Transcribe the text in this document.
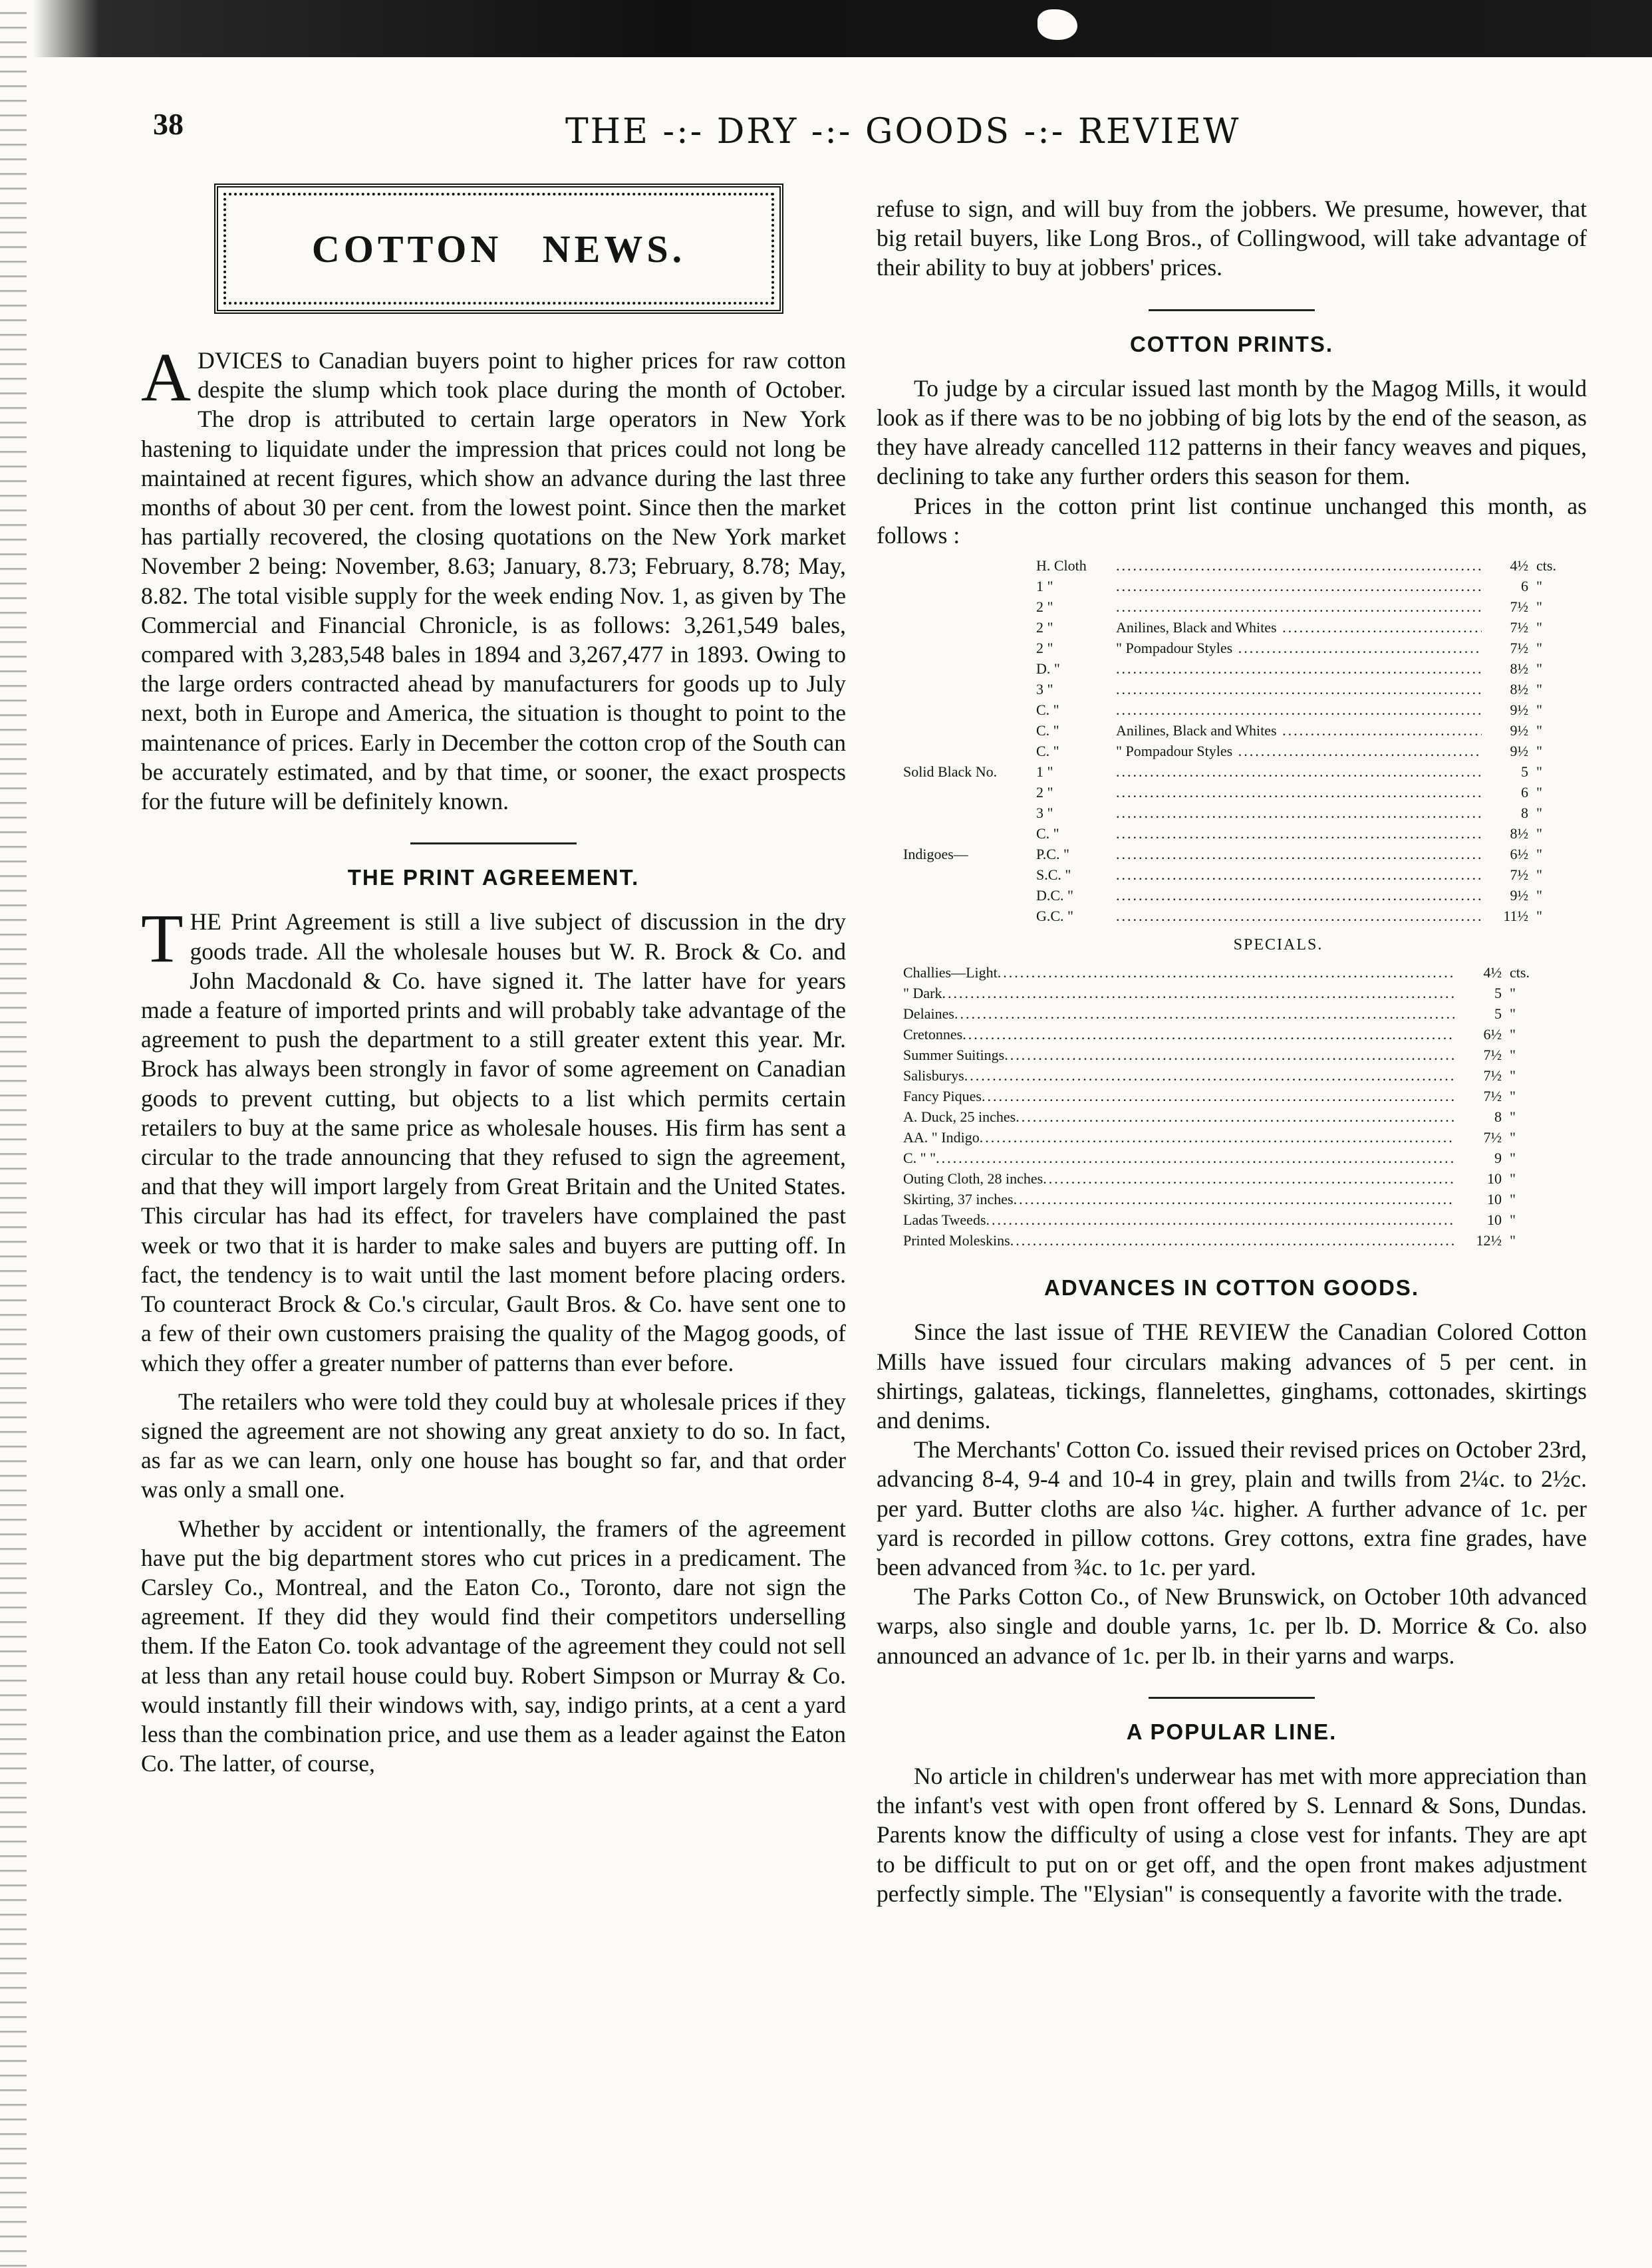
38	THE -:- DRY -:- GOODS -:- REVIEW
COTTON NEWS.

ADVICES to Canadian buyers point to higher prices for raw cotton despite the slump which took place during the month of October. The drop is attributed to certain large operators in New York hastening to liquidate under the impression that prices could not long be maintained at recent figures, which show an advance during the last three months of about 30 per cent. from the lowest point. Since then the market has partially recovered, the closing quotations on the New York market November 2 being: November, 8.63; January, 8.73; February, 8.78; May, 8.82. The total visible supply for the week ending Nov. 1, as given by The Commercial and Financial Chronicle, is as follows: 3,261,549 bales, compared with 3,283,548 bales in 1894 and 3,267,477 in 1893. Owing to the large orders contracted ahead by manufacturers for goods up to July next, both in Europe and America, the situation is thought to point to the maintenance of prices. Early in December the cotton crop of the South can be accurately estimated, and by that time, or sooner, the exact prospects for the future will be definitely known.

THE PRINT AGREEMENT.

THE Print Agreement is still a live subject of discussion in the dry goods trade. All the wholesale houses but W. R. Brock & Co. and John Macdonald & Co. have signed it. The latter have for years made a feature of imported prints and will probably take advantage of the agreement to push the department to a still greater extent this year. Mr. Brock has always been strongly in favor of some agreement on Canadian goods to prevent cutting, but objects to a list which permits certain retailers to buy at the same price as wholesale houses. His firm has sent a circular to the trade announcing that they refused to sign the agreement, and that they will import largely from Great Britain and the United States. This circular has had its effect, for travelers have complained the past week or two that it is harder to make sales and buyers are putting off. In fact, the tendency is to wait until the last moment before placing orders. To counteract Brock & Co.'s circular, Gault Bros. & Co. have sent one to a few of their own customers praising the quality of the Magog goods, of which they offer a greater number of patterns than ever before.

The retailers who were told they could buy at wholesale prices if they signed the agreement are not showing any great anxiety to do so. In fact, as far as we can learn, only one house has bought so far, and that order was only a small one.

Whether by accident or intentionally, the framers of the agreement have put the big department stores who cut prices in a predicament. The Carsley Co., Montreal, and the Eaton Co., Toronto, dare not sign the agreement. If they did they would find their competitors underselling them. If the Eaton Co. took advantage of the agreement they could not sell at less than any retail house could buy. Robert Simpson or Murray & Co. would instantly fill their windows with, say, indigo prints, at a cent a yard less than the combination price, and use them as a leader against the Eaton Co. The latter, of course,

refuse to sign, and will buy from the jobbers. We presume, however, that big retail buyers, like Long Bros., of Collingwood, will take advantage of their ability to buy at jobbers' prices.

COTTON PRINTS.

To judge by a circular issued last month by the Magog Mills, it would look as if there was to be no jobbing of big lots by the end of the season, as they have already cancelled 112 patterns in their fancy weaves and piques, declining to take any further orders this season for them.

Prices in the cotton print list continue unchanged this month, as follows :

H. Cloth .....	4½ cts.
1 " .....	6 "
2 " .....	7½ "
2 "	Anilines, Black and Whites .....	7½ "
2 "	" Pompadour Styles .....	7½ "
D. " .....	8½ "
3 " .....	8½ "
C. " .....	9½ "
C. "	Anilines, Black and Whites .....	9½ "
C. "	" Pompadour Styles .....	9½ "
Solid Black No.	1 " .....	5 "
2 " .....	6 "
3 " .....	8 "
C. " .....	8½ "
Indigoes—	P.C. " .....	6½ "
S.C. " .....	7½ "
D.C. " .....	9½ "
G.C. " .....	11½ "
SPECIALS.
Challies—Light .....	4½ cts.
" Dark .....	5 "
Delaines .....	5 "
Cretonnes .....	6½ "
Summer Suitings .....	7½ "
Salisburys .....	7½ "
Fancy Piques .....	7½ "
A. Duck, 25 inches .....	8 "
AA. " Indigo .....	7½ "
C. " " .....	9 "
Outing Cloth, 28 inches .....	10 "
Skirting, 37 inches .....	10 "
Ladas Tweeds .....	10 "
Printed Moleskins .....	12½ "
ADVANCES IN COTTON GOODS.

Since the last issue of THE REVIEW the Canadian Colored Cotton Mills have issued four circulars making advances of 5 per cent. in shirtings, galateas, tickings, flannelettes, ginghams, cottonades, skirtings and denims.

The Merchants' Cotton Co. issued their revised prices on October 23rd, advancing 8-4, 9-4 and 10-4 in grey, plain and twills from 2¼c. to 2½c. per yard. Butter cloths are also ¼c. higher. A further advance of 1c. per yard is recorded in pillow cottons. Grey cottons, extra fine grades, have been advanced from ¾c. to 1c. per yard.

The Parks Cotton Co., of New Brunswick, on October 10th advanced warps, also single and double yarns, 1c. per lb. D. Morrice & Co. also announced an advance of 1c. per lb. in their yarns and warps.

A POPULAR LINE.

No article in children's underwear has met with more appreciation than the infant's vest with open front offered by S. Lennard & Sons, Dundas. Parents know the difficulty of using a close vest for infants. They are apt to be difficult to put on or get off, and the open front makes adjustment perfectly simple. The "Elysian" is consequently a favorite with the trade.
